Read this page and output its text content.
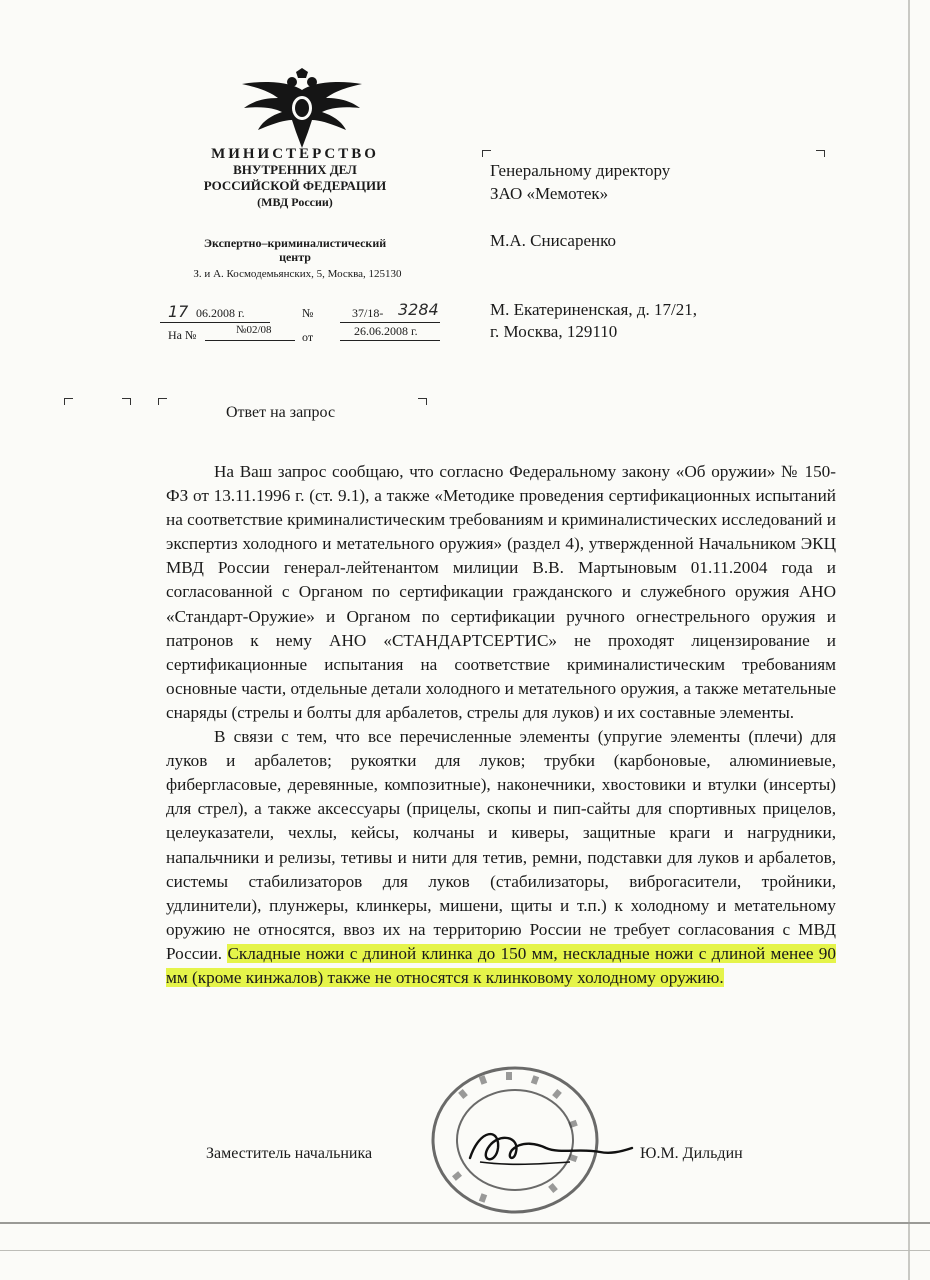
МИНИСТЕРСТВО
ВНУТРЕННИХ ДЕЛ
РОССИЙСКОЙ ФЕДЕРАЦИИ
(МВД России)
Экспертно–криминалистический
центр
З. и А. Космодемьянских, 5, Москва, 125130
17 06.2008 г.	№	37/18- 3284
На №	№02/08	от	26.06.2008 г.
Генеральному директору
ЗАО «Мемотек»
М.А. Снисаренко
М. Екатериненская, д. 17/21,
г. Москва, 129110
Ответ на запрос

На Ваш запрос сообщаю, что согласно Федеральному закону «Об оружии» № 150-ФЗ от 13.11.1996 г. (ст. 9.1), а также «Методике проведения сертификационных испытаний на соответствие криминалистическим требованиям и криминалистических исследований и экспертиз холодного и метательного оружия» (раздел 4), утвержденной Начальником ЭКЦ МВД России генерал-лейтенантом милиции В.В. Мартыновым 01.11.2004 года и согласованной с Органом по сертификации гражданского и служебного оружия АНО «Стандарт-Оружие» и Органом по сертификации ручного огнестрельного оружия и патронов к нему АНО «СТАНДАРТСЕРТИС» не проходят лицензирование и сертификационные испытания на соответствие криминалистическим требованиям основные части, отдельные детали холодного и метательного оружия, а также метательные снаряды (стрелы и болты для арбалетов, стрелы для луков) и их составные элементы.

В связи с тем, что все перечисленные элементы (упругие элементы (плечи) для луков и арбалетов; рукоятки для луков; трубки (карбоновые, алюминиевые, фибергласовые, деревянные, композитные), наконечники, хвостовики и втулки (инсерты) для стрел), а также аксессуары (прицелы, скопы и пип-сайты для спортивных прицелов, целеуказатели, чехлы, кейсы, колчаны и киверы, защитные краги и нагрудники, напальчники и релизы, тетивы и нити для тетив, ремни, подставки для луков и арбалетов, системы стабилизаторов для луков (стабилизаторы, виброгасители, тройники, удлинители), плунжеры, клинкеры, мишени, щиты и т.п.) к холодному и метательному оружию не относятся, ввоз их на территорию России не требует согласования с МВД России. Складные ножи с длиной клинка до 150 мм, нескладные ножи с длиной менее 90 мм (кроме кинжалов) также не относятся к клинковому холодному оружию.

Заместитель начальника	Ю.М. Дильдин
